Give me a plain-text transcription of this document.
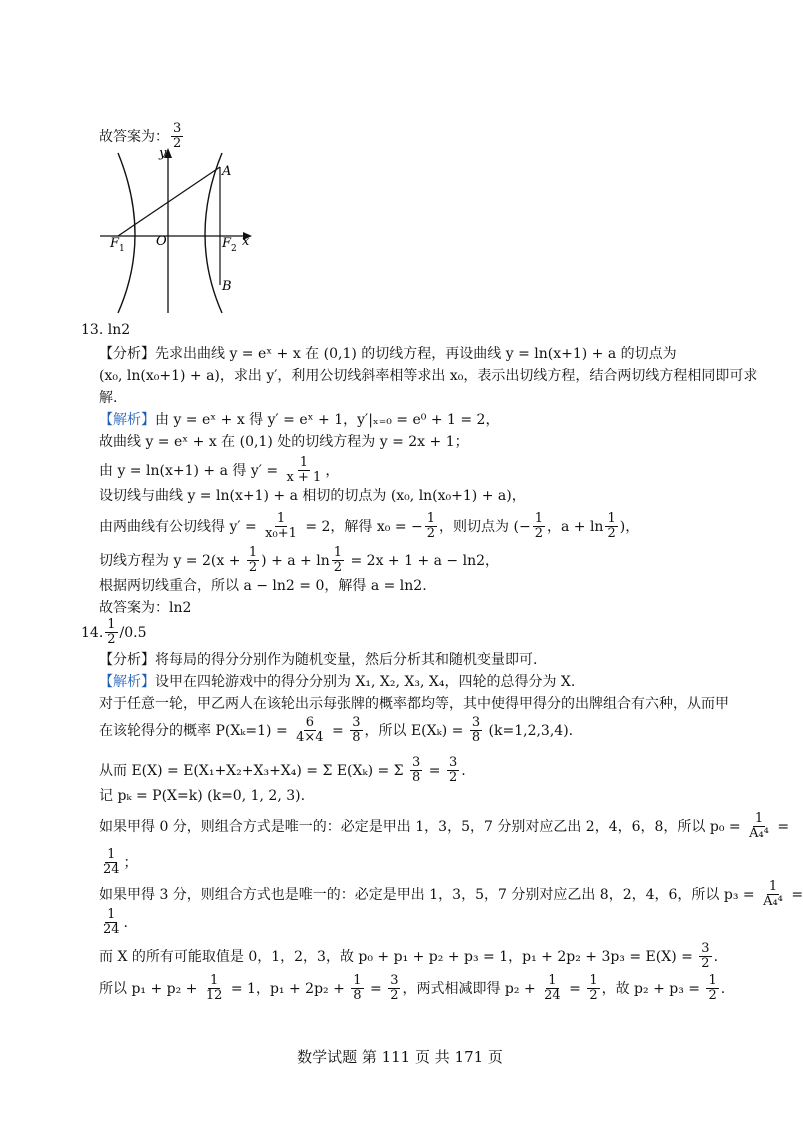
故答案为： $\frac{3}{2}$
y
x
O
F 1	F 2
A
B
13. ln2
【分析】先求出曲线 y = eˣ + x 在 (0,1) 的切线方程，再设曲线 y = ln(x+1) + a 的切点为
(x₀, ln(x₀+1) + a)，求出 y′，利用公切线斜率相等求出 x₀，表示出切线方程，结合两切线方程相同即可求
解.
【解析】由 y = eˣ + x 得 y′ = eˣ + 1，y′|ₓ₌₀ = e⁰ + 1 = 2，
故曲线 y = eˣ + x 在 (0,1) 处的切线方程为 y = 2x + 1；
由 y = ln(x+1) + a 得 $y' = \frac{1}{x + 1}$ ，
设切线与曲线 y = ln(x+1) + a 相切的切点为 (x₀, ln(x₀+1) + a)，
由两曲线有公切线得 $y' = \frac{1}{\text{x₀+1}} = 2$，解得 x₀ = − $\frac{1}{2}$ ，则切点为 (− $\frac{1}{2}$ ，$a + \ln \frac{1}{2}$ )，
切线方程为 $y = 2(x + \frac{1}{2}$ ) + $a + \ln \frac{1}{2} = 2x + 1 + a - \ln 2$，
根据两切线重合，所以 a − ln2 = 0，解得 a = ln2.
故答案为：ln2
14. $\frac{1}{2} /0.5$
【分析】将每局的得分分别作为随机变量，然后分析其和随机变量即可.
【解析】设甲在四轮游戏中的得分分别为 X₁, X₂, X₃, X₄，四轮的总得分为 X.
对于任意一轮，甲乙两人在该轮出示每张牌的概率都均等，其中使得甲得分的出牌组合有六种，从而甲
在该轮得分的概率 $P(X_k=1) = \frac{6}{4\times 4} = \frac{3}{8}$ ，所以 $E(X_k) = \frac{3}{8} (k=1,2,3,4)$.
从而 E(X) = E(X₁+X₂+X₃+X₄) = Σ E(Xₖ) = Σ $\frac{3}{8} = \frac{3}{2}$ .
记 pₖ = P(X=k) (k=0, 1, 2, 3).
如果甲得 0 分，则组合方式是唯一的：必定是甲出 1，3，5，7 分别对应乙出 2，4，6，8，所以 $p_0 = \frac{1}{\text{A₄⁴}}$ =
$\frac{1}{24}$ ；
如果甲得 3 分，则组合方式也是唯一的：必定是甲出 1，3，5，7 分别对应乙出 8，2，4，6，所以 $p_3 = \frac{1}{\text{A₄⁴}}$ =
$\frac{1}{24}$ .
而 X 的所有可能取值是 0，1，2，3，故 p₀ + p₁ + p₂ + p₃ = 1，$p_1 + 2p_2 + 3p_3 = E(X) = \frac{3}{2}$ .
所以 $p_1 + p_2 + \frac{1}{12} = 1$，$p_1 + 2p_2 + \frac{1}{8} = \frac{3}{2}$ ，两式相减即得 $p_2 + \frac{1}{24} = \frac{1}{2}$ ，故 $p_2 + p_3 = \frac{1}{2}$ .
数学试题 第 111 页 共 171 页
